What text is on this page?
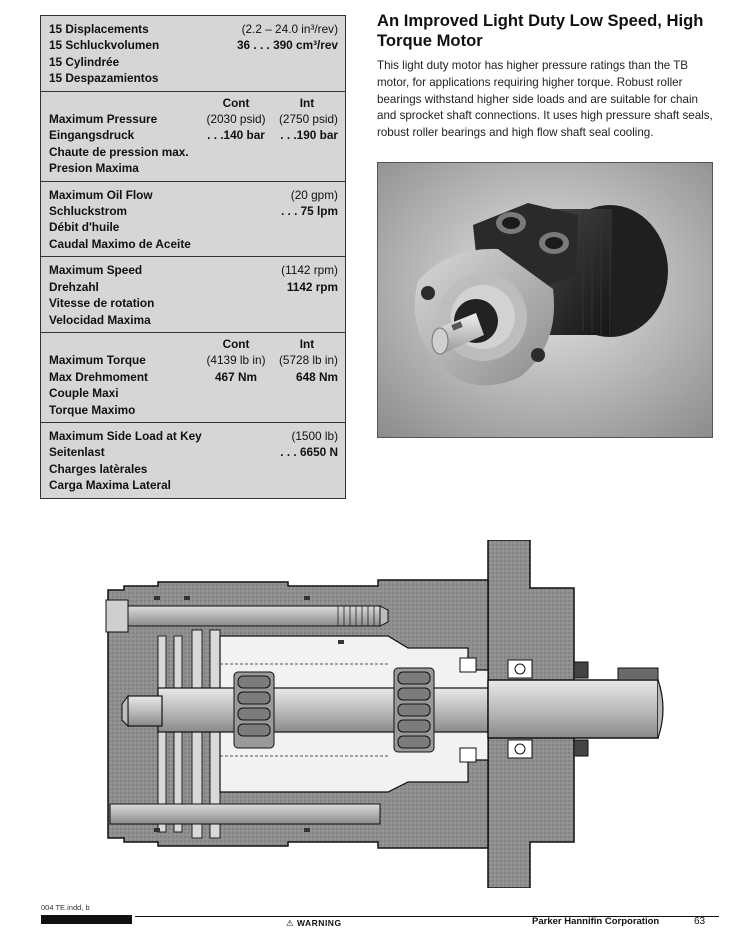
15 Displacements	(2.2 – 24.0 in³/rev)
15 Schluckvolumen	36 . . . 390 cm³/rev
15 Cylindrée
15 Despazamientos
Cont	Int
Maximum Pressure	(2030 psid)	(2750 psid)
Eingangsdruck	. . .140 bar	. . .190 bar
Chaute de pression max.
Presion Maxima
Maximum Oil Flow	(20 gpm)
Schluckstrom	. . . 75 lpm
Débit d'huile
Caudal Maximo de Aceite
Maximum Speed	(1142 rpm)
Drehzahl	1142 rpm
Vitesse de rotation
Velocidad Maxima
Cont	Int
Maximum Torque	(4139 lb in)	(5728 lb in)
Max Drehmoment	467 Nm	648 Nm
Couple Maxi
Torque Maximo
Maximum Side Load at Key	(1500 lb)
Seitenlast	. . . 6650 N
Charges latèrales
Carga Maxima Lateral
An Improved Light Duty Low Speed, High Torque Motor

This light duty motor has higher pressure ratings than the TB motor, for applications requiring higher torque. Robust roller bearings withstand higher side loads and are suitable for chain and sprocket shaft connections. It uses high pressure shaft seals, robust roller bearings and high flow shaft seal cooling.

004 TE.indd, b
⚠ WARNING	Parker Hannifin Corporation	63
